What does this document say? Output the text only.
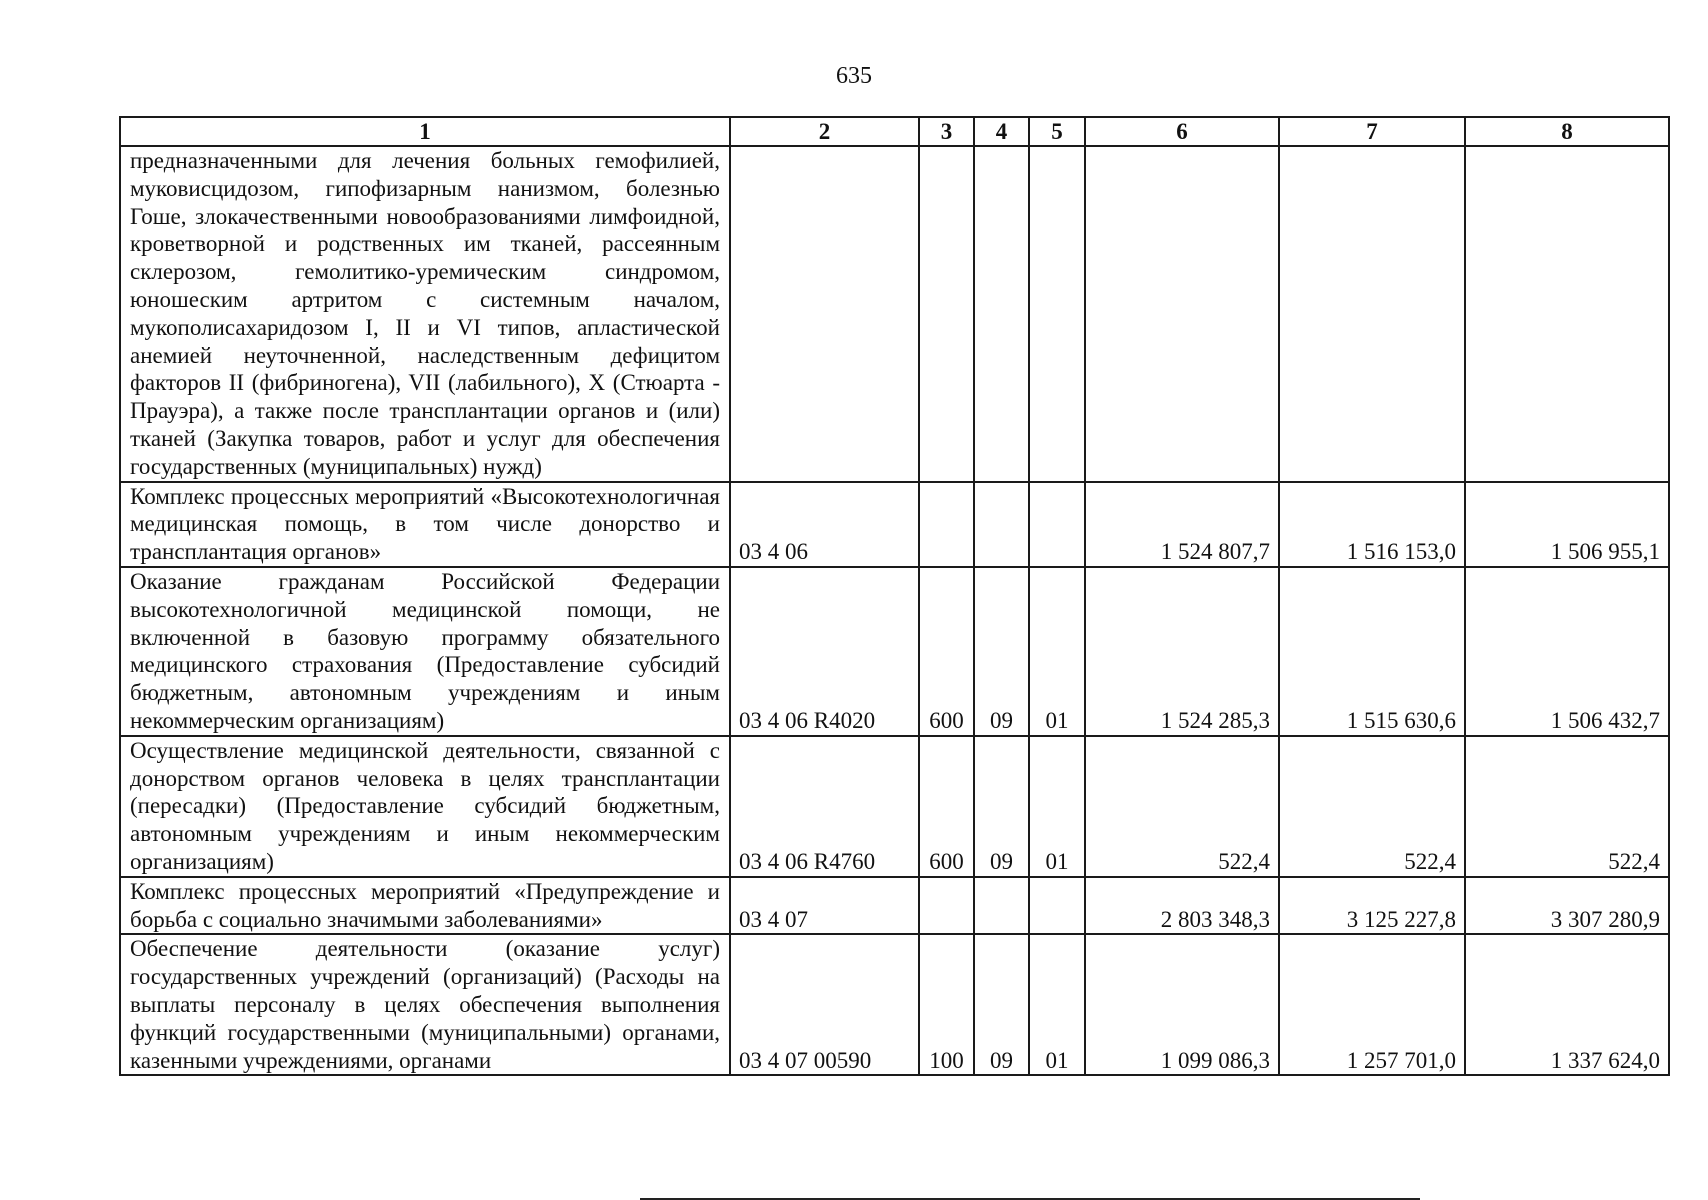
635
1	2	3	4	5	6	7	8
предназначенными для лечения больных гемофилией, муковисцидозом, гипофизарным нанизмом, болезнью Гоше, злокачественными новообразованиями лимфоидной, кроветворной и родственных им тканей, рассеянным склерозом, гемолитико-уремическим синдромом, юношеским артритом с системным началом, мукополисахаридозом I, II и VI типов, апластической анемией неуточненной, наследственным дефицитом факторов II (фибриногена), VII (лабильного), X (Стюарта - Прауэра), а также после трансплантации органов и (или) тканей (Закупка товаров, работ и услуг для обеспечения государственных (муниципальных) нужд)							
Комплекс процессных мероприятий «Высокотехнологичная медицинская помощь, в том числе донорство и трансплантация органов»	03 4 06				1 524 807,7	1 516 153,0	1 506 955,1
Оказание гражданам Российской Федерации высокотехнологичной медицинской помощи, не включенной в базовую программу обязательного медицинского страхования (Предоставление субсидий бюджетным, автономным учреждениям и иным некоммерческим организациям)	03 4 06 R4020	600	09	01	1 524 285,3	1 515 630,6	1 506 432,7
Осуществление медицинской деятельности, связанной с донорством органов человека в целях трансплантации (пересадки) (Предоставление субсидий бюджетным, автономным учреждениям и иным некоммерческим организациям)	03 4 06 R4760	600	09	01	522,4	522,4	522,4
Комплекс процессных мероприятий «Предупреждение и борьба с социально значимыми заболеваниями»	03 4 07				2 803 348,3	3 125 227,8	3 307 280,9
Обеспечение деятельности (оказание услуг) государственных учреждений (организаций) (Расходы на выплаты персоналу в целях обеспечения выполнения функций государственными (муниципальными) органами, казенными учреждениями, органами	03 4 07 00590	100	09	01	1 099 086,3	1 257 701,0	1 337 624,0
